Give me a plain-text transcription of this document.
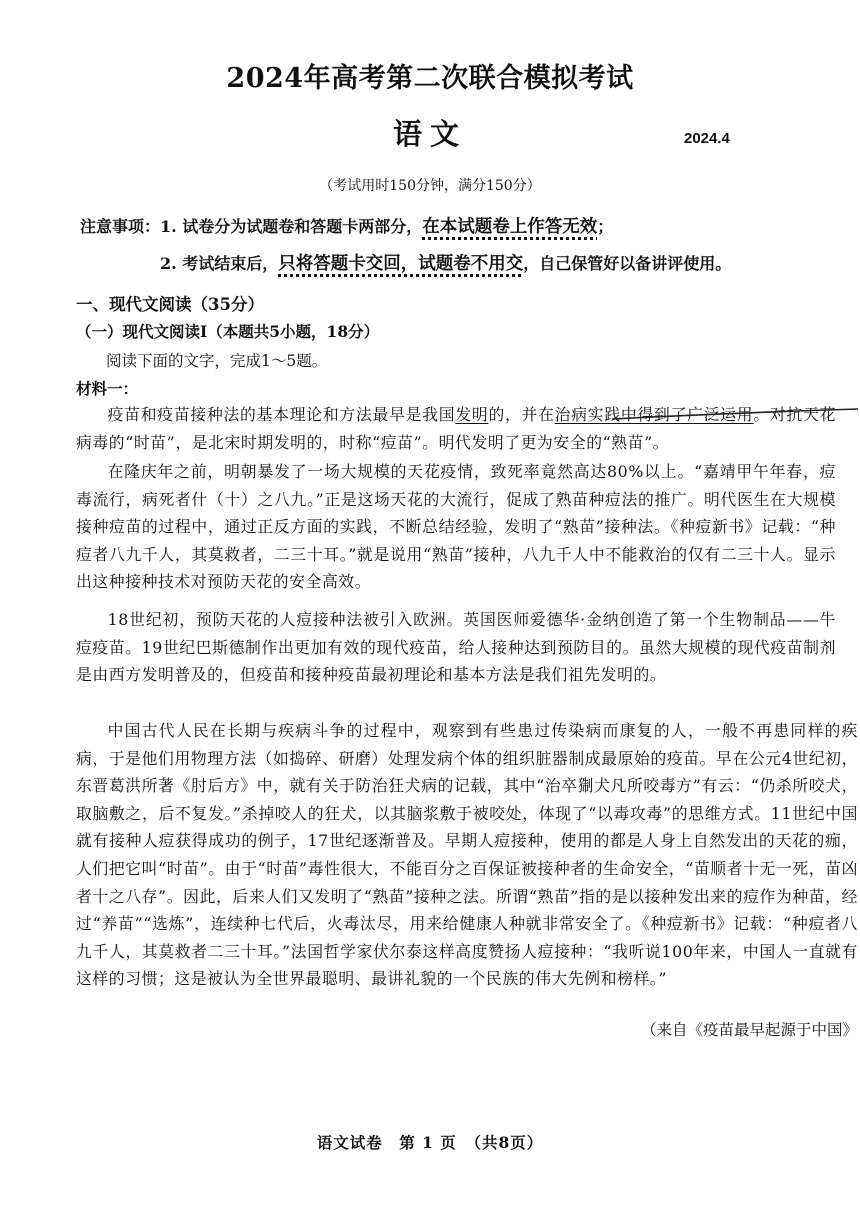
2024年高考第二次联合模拟考试
语文	2024.4
（考试用时150分钟，满分150分）
注意事项：1. 试卷分为试题卷和答题卡两部分，在本试题卷上作答无效；
2. 考试结束后，只将答题卡交回，试题卷不用交，自己保管好以备讲评使用。
一、现代文阅读（35分）
（一）现代文阅读Ⅰ（本题共5小题，18分）
阅读下面的文字，完成1～5题。
材料一：
疫苗和疫苗接种法的基本理论和方法最早是我国发明的，并在治病实践中得到了广泛运用。对抗天花病毒的“时苗”，是北宋时期发明的，时称“痘苗”。明代发明了更为安全的“熟苗”。
在隆庆年之前，明朝暴发了一场大规模的天花疫情，致死率竟然高达80%以上。“嘉靖甲午年春，痘毒流行，病死者什（十）之八九。”正是这场天花的大流行，促成了熟苗种痘法的推广。明代医生在大规模接种痘苗的过程中，通过正反方面的实践，不断总结经验，发明了“熟苗”接种法。《种痘新书》记载：“种痘者八九千人，其莫救者，二三十耳。”就是说用“熟苗”接种，八九千人中不能救治的仅有二三十人。显示出这种接种技术对预防天花的安全高效。
18世纪初，预防天花的人痘接种法被引入欧洲。英国医师爱德华·金纳创造了第一个生物制品——牛痘疫苗。19世纪巴斯德制作出更加有效的现代疫苗，给人接种达到预防目的。虽然大规模的现代疫苗制剂是由西方发明普及的，但疫苗和接种疫苗最初理论和基本方法是我们祖先发明的。
中国古代人民在长期与疾病斗争的过程中，观察到有些患过传染病而康复的人，一般不再患同样的疾病，于是他们用物理方法（如捣碎、研磨）处理发病个体的组织脏器制成最原始的疫苗。早在公元4世纪初，东晋葛洪所著《肘后方》中，就有关于防治狂犬病的记载，其中“治卒猘犬凡所咬毒方”有云：“仍杀所咬犬，取脑敷之，后不复发。”杀掉咬人的狂犬，以其脑浆敷于被咬处，体现了“以毒攻毒”的思维方式。11世纪中国就有接种人痘获得成功的例子，17世纪逐渐普及。早期人痘接种，使用的都是人身上自然发出的天花的痂，人们把它叫“时苗”。由于“时苗”毒性很大，不能百分之百保证被接种者的生命安全，“苗顺者十无一死，苗凶者十之八存”。因此，后来人们又发明了“熟苗”接种之法。所谓“熟苗”指的是以接种发出来的痘作为种苗，经过“养苗”“选炼”，连续种七代后，火毒汰尽，用来给健康人种就非常安全了。《种痘新书》记载：“种痘者八九千人，其莫救者二三十耳。”法国哲学家伏尔泰这样高度赞扬人痘接种：“我听说100年来，中国人一直就有这样的习惯；这是被认为全世界最聪明、最讲礼貌的一个民族的伟大先例和榜样。”
（来自《疫苗最早起源于中国》
语文试卷　第 1 页　（共8页）
